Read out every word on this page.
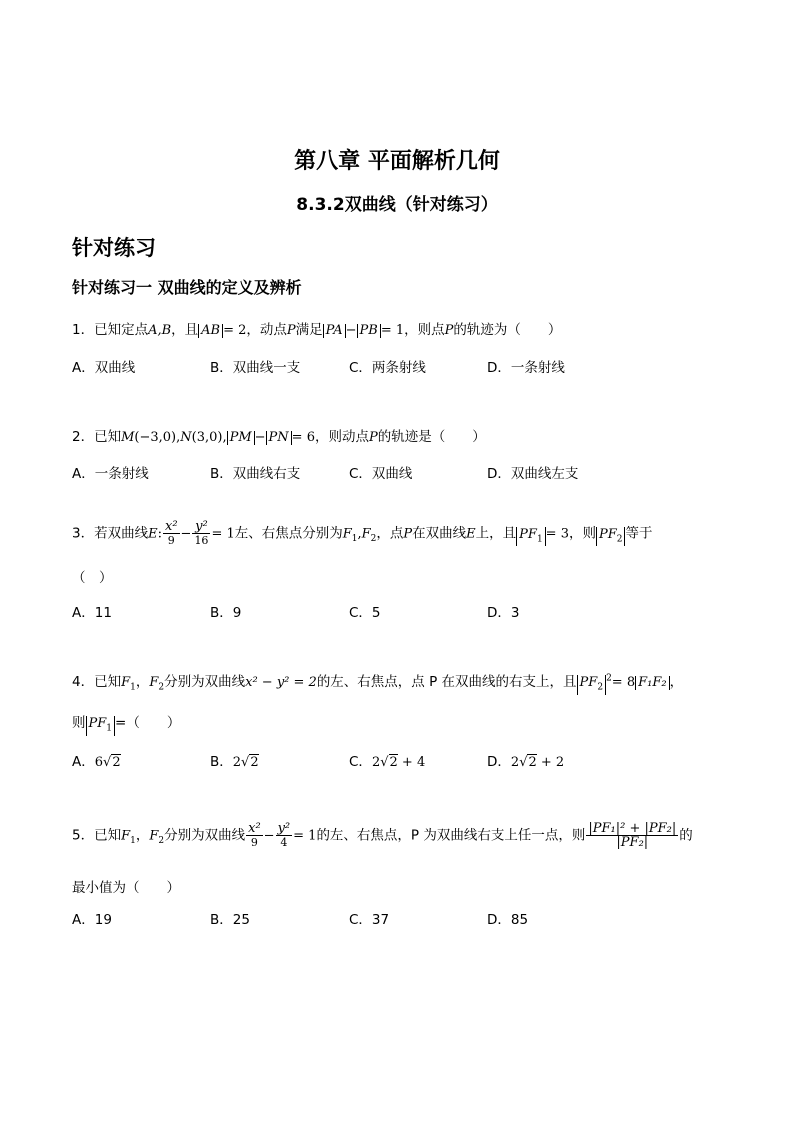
第八章 平面解析几何
8.3.2双曲线（针对练习）
针对练习
针对练习一 双曲线的定义及辨析
1．已知定点A,B，且 AB = 2，动点P满足 PA − PB = 1，则点P的轨迹为（　　）
A．双曲线	B．双曲线一支	C．两条射线	D．一条射线
2．已知M(−3,0),N(3,0), PM − PN = 6，则动点P的轨迹是（　　）
A．一条射线	B．双曲线右支	C．双曲线	D．双曲线左支
3．若双曲线E: $\frac{\text{x²}}{9} - \frac{\text{y²}}{16} = 1$左、右焦点分别为$F_1,F_2$，点P在双曲线E上，且 $PF_1 = 3$，则 $PF_2$ 等于
（　）
A．11	B．9	C．5	D．3
4．已知$F_1$，$F_2$分别为双曲线x² − y² = 2的左、右焦点，点 P 在双曲线的右支上，且 $PF_2^2= 8$ F₁F₂ ，
则 $PF_1$ =（　　）
A．6√2	B．2√2	C．2√2 + 4	D．2√2 + 2
5．已知$F_1$，$F_2$分别为双曲线 $\frac{\text{x²}}{9} - \frac{\text{y²}}{4} = 1$的左、右焦点，P 为双曲线右支上任一点，则 $\frac{\text{|PF₁|² + |PF₂|}}{\text{|PF₂|}}$ 的
最小值为（　　）
A．19	B．25	C．37	D．85
